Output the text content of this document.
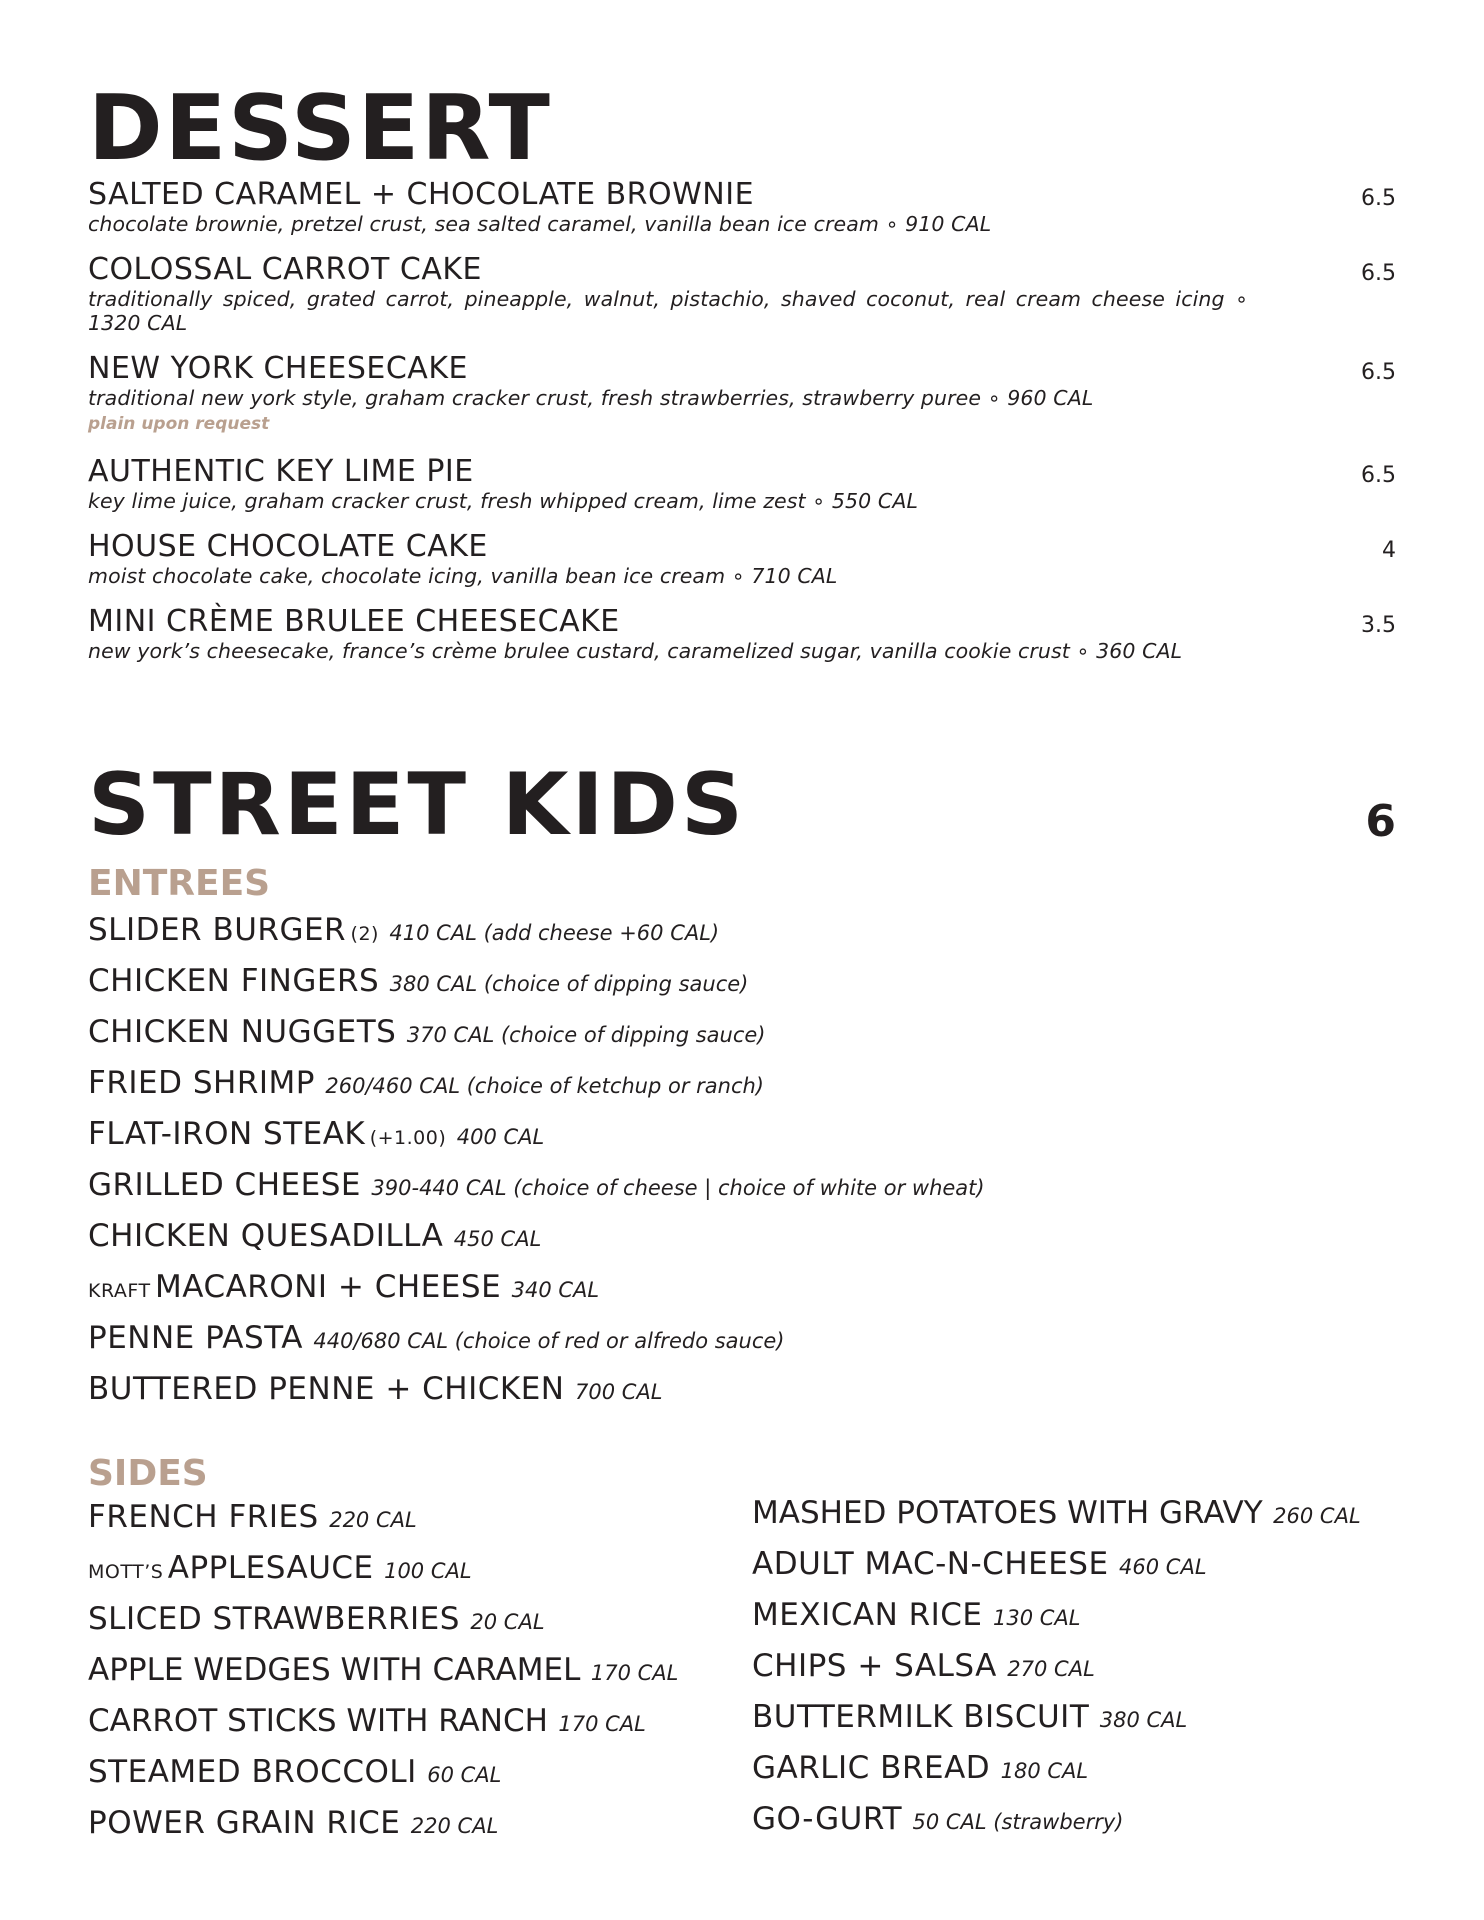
DESSERT
SALTED CARAMEL + CHOCOLATE BROWNIE
chocolate brownie, pretzel crust, sea salted caramel, vanilla bean ice cream ∘ 910 CAL
6.5
COLOSSAL CARROT CAKE
traditionally spiced, grated carrot, pineapple, walnut, pistachio, shaved coconut, real cream cheese icing ∘ 1320 CAL
6.5
NEW YORK CHEESECAKE
traditional new york style, graham cracker crust, fresh strawberries, strawberry puree ∘ 960 CAL
plain upon request
6.5
AUTHENTIC KEY LIME PIE
key lime juice, graham cracker crust, fresh whipped cream, lime zest ∘ 550 CAL
6.5
HOUSE CHOCOLATE CAKE
moist chocolate cake, chocolate icing, vanilla bean ice cream ∘ 710 CAL
4
MINI CRÈME BRULEE CHEESECAKE
new york’s cheesecake, france’s crème brulee custard, caramelized sugar, vanilla cookie crust ∘ 360 CAL
3.5
STREET KIDS	6
ENTREES
SLIDER BURGER (2) 410 CAL (add cheese +60 CAL)
CHICKEN FINGERS 380 CAL (choice of dipping sauce)
CHICKEN NUGGETS 370 CAL (choice of dipping sauce)
FRIED SHRIMP 260/460 CAL (choice of ketchup or ranch)
FLAT-IRON STEAK (+1.00) 400 CAL
GRILLED CHEESE 390-440 CAL (choice of cheese | choice of white or wheat)
CHICKEN QUESADILLA 450 CAL
KRAFT MACARONI + CHEESE 340 CAL
PENNE PASTA 440/680 CAL (choice of red or alfredo sauce)
BUTTERED PENNE + CHICKEN 700 CAL
SIDES
FRENCH FRIES 220 CAL
MOTT’S APPLESAUCE 100 CAL
SLICED STRAWBERRIES 20 CAL
APPLE WEDGES WITH CARAMEL 170 CAL
CARROT STICKS WITH RANCH 170 CAL
STEAMED BROCCOLI 60 CAL
POWER GRAIN RICE 220 CAL
MASHED POTATOES WITH GRAVY 260 CAL
ADULT MAC-N-CHEESE 460 CAL
MEXICAN RICE 130 CAL
CHIPS + SALSA 270 CAL
BUTTERMILK BISCUIT 380 CAL
GARLIC BREAD 180 CAL
GO-GURT 50 CAL (strawberry)
